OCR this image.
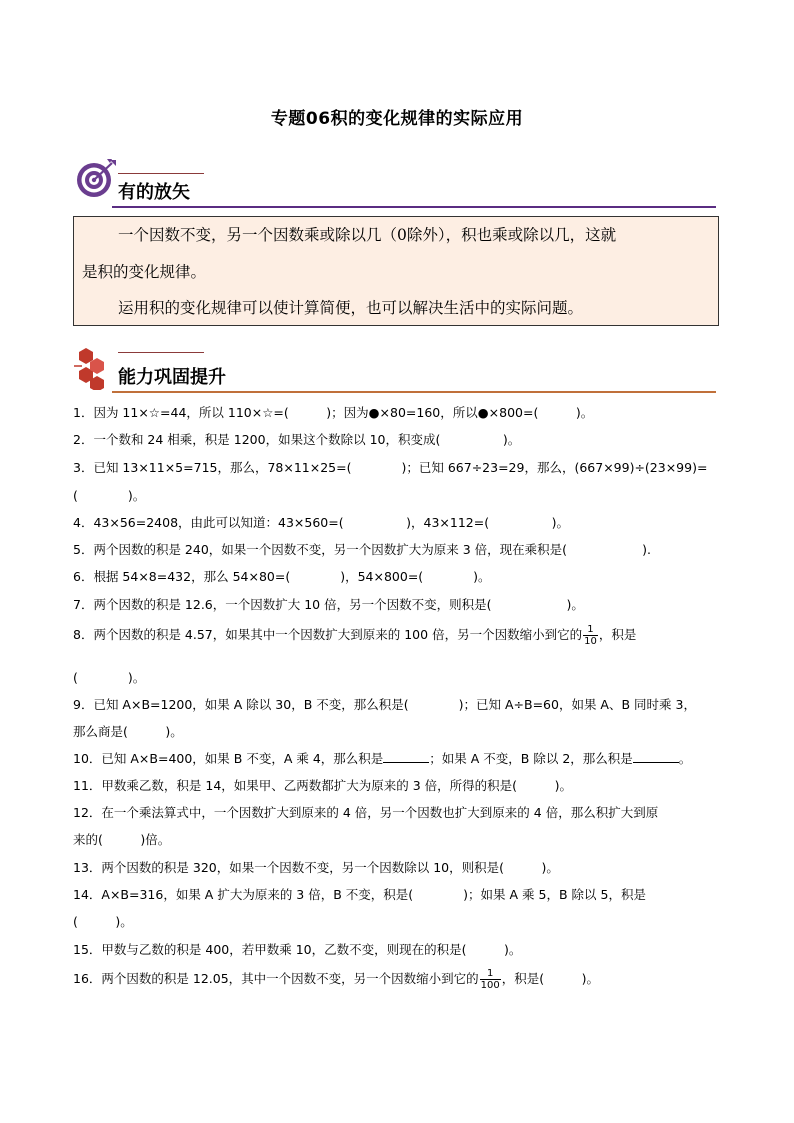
专题06积的变化规律的实际应用
有的放矢
一个因数不变，另一个因数乘或除以几（0除外），积也乘或除以几，这就
是积的变化规律。
运用积的变化规律可以使计算简便，也可以解决生活中的实际问题。
能力巩固提升
1．因为 11×☆=44，所以 110×☆=(　　　)；因为●×80=160，所以●×800=(　　　)。
2．一个数和 24 相乘，积是 1200，如果这个数除以 10，积变成(　　　　　)。
3．已知 13×11×5=715，那么，78×11×25=(　　　　)；已知 667÷23=29，那么，(667×99)÷(23×99)=
(　　　　)。
4．43×56=2408，由此可以知道：43×560=(　　　　　)，43×112=(　　　　　)。
5．两个因数的积是 240，如果一个因数不变，另一个因数扩大为原来 3 倍，现在乘积是(　　　　　　).
6．根据 54×8=432，那么 54×80=(　　　　)，54×800=(　　　　)。
7．两个因数的积是 12.6，一个因数扩大 10 倍，另一个因数不变，则积是(　　　　　　)。
8．两个因数的积是 4.57，如果其中一个因数扩大到原来的 100 倍，另一个因数缩小到它的 $\frac{1}{10}$ ，积是
(　　　　)。
9．已知 A×B=1200，如果 A 除以 30，B 不变，那么积是(　　　　)；已知 A÷B=60，如果 A、B 同时乘 3，
那么商是(　　　)。
10．已知 A×B=400，如果 B 不变，A 乘 4，那么积是	；如果 A 不变，B 除以 2，那么积是	。
11．甲数乘乙数，积是 14，如果甲、乙两数都扩大为原来的 3 倍，所得的积是(　　　)。
12．在一个乘法算式中，一个因数扩大到原来的 4 倍，另一个因数也扩大到原来的 4 倍，那么积扩大到原
来的(　　　)倍。
13．两个因数的积是 320，如果一个因数不变，另一个因数除以 10，则积是(　　　)。
14．A×B=316，如果 A 扩大为原来的 3 倍，B 不变，积是(　　　　)；如果 A 乘 5，B 除以 5，积是
(　　　)。
15．甲数与乙数的积是 400，若甲数乘 10，乙数不变，则现在的积是(　　　)。
16．两个因数的积是 12.05，其中一个因数不变，另一个因数缩小到它的 $\frac{1}{100}$ ，积是(　　　)。
